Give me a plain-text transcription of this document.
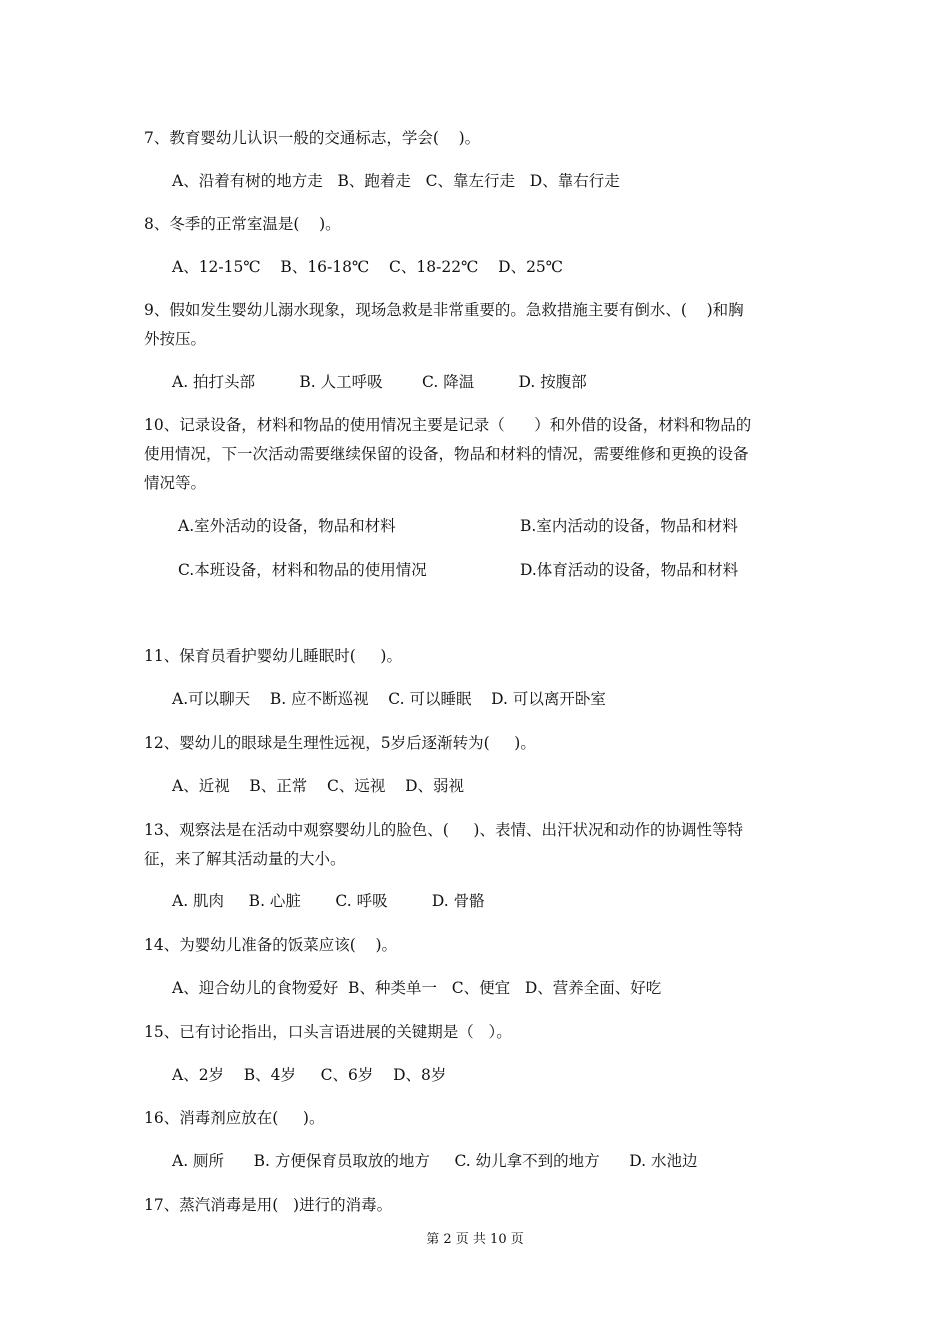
7、教育婴幼儿认识一般的交通标志，学会(    )。
A、沿着有树的地方走   B、跑着走   C、靠左行走   D、靠右行走
8、冬季的正常室温是(    )。
A、12-15℃    B、16-18℃    C、18-22℃    D、25℃
9、假如发生婴幼儿溺水现象，现场急救是非常重要的。急救措施主要有倒水、(    )和胸
外按压。
A. 拍打头部         B. 人工呼吸        C. 降温         D. 按腹部
10、记录设备，材料和物品的使用情况主要是记录（      ）和外借的设备，材料和物品的
使用情况，下一次活动需要继续保留的设备，物品和材料的情况，需要维修和更换的设备
情况等。
A.室外活动的设备，物品和材料	B.室内活动的设备，物品和材料
C.本班设备，材料和物品的使用情况	D.体育活动的设备，物品和材料
11、保育员看护婴幼儿睡眠时(     )。
A.可以聊天    B. 应不断巡视    C. 可以睡眠    D. 可以离开卧室
12、婴幼儿的眼球是生理性远视，5岁后逐渐转为(     )。
A、近视    B、正常    C、远视    D、弱视
13、观察法是在活动中观察婴幼儿的脸色、(     )、表情、出汗状况和动作的协调性等特
征，来了解其活动量的大小。
A. 肌肉     B. 心脏       C. 呼吸         D. 骨骼
14、为婴幼儿准备的饭菜应该(    )。
A、迎合幼儿的食物爱好  B、种类单一   C、便宜   D、营养全面、好吃
15、已有讨论指出，口头言语进展的关键期是（   ）。
A、2岁    B、4岁     C、6岁    D、8岁
16、消毒剂应放在(     )。
A. 厕所      B. 方便保育员取放的地方     C. 幼儿拿不到的地方      D. 水池边
17、蒸汽消毒是用(   )进行的消毒。
第 2 页 共 10 页
